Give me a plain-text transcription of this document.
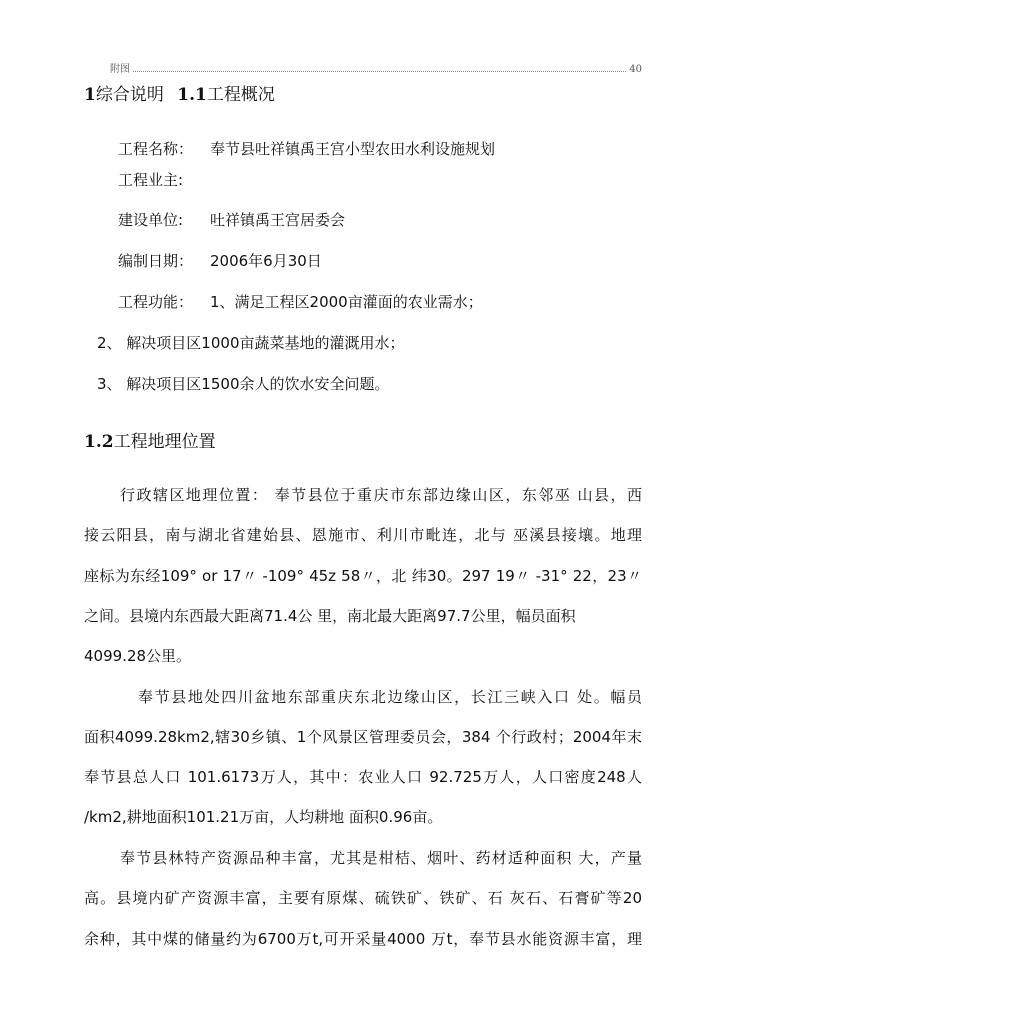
附图	40
1综合说明 1.1工程概况
工程名称： 奉节县吐祥镇禹王宫小型农田水利设施规划
工程业主:
建设单位: 吐祥镇禹王宫居委会
编制日期： 2006年6月30日
工程功能： 1、满足工程区2000亩灌面的农业需水；
2、 解决项目区1000亩蔬菜基地的灌溉用水；
3、 解决项目区1500余人的饮水安全问题。
1.2工程地理位置
行政辖区地理位置： 奉节县位于重庆市东部边缘山区，东邻巫 山县，西
接云阳县，南与湖北省建始县、恩施市、利川市毗连，北与 巫溪县接壤。地理
座标为东经109° or 17〃 -109° 45z 58〃，北 纬30。297 19〃 -31° 22，23〃
之间。县境内东西最大距离71.4公 里，南北最大距离97.7公里，幅员面积
4099.28公里。
奉节县地处四川盆地东部重庆东北边缘山区，长江三峡入口 处。幅员
面积4099.28km2,辖30乡镇、1个风景区管理委员会，384 个行政村；2004年末
奉节县总人口 101.6173万人，其中：农业人口 92.725万人，人口密度248人
/km2,耕地面积101.21万亩，人均耕地 面积0.96亩。
奉节县林特产资源品种丰富，尤其是柑桔、烟叶、药材适种面积 大，产量
高。县境内矿产资源丰富，主要有原煤、硫铁矿、铁矿、石 灰石、石膏矿等20
余种，其中煤的储量约为6700万t,可开采量4000 万t，奉节县水能资源丰富，理
